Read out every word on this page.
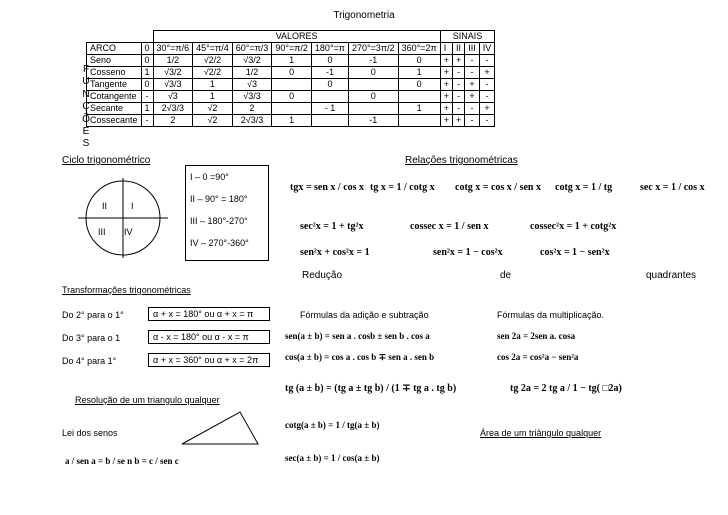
Trigonometria
F
U
N
Ç
Õ
E
S
			VALORES							SINAIS			
	ARCO	0	30°=π/6	45°=π/4	60°=π/3	90°=π/2	180°=π	270°=3π/2	360°=2π	I	II	III	IV
	Seno	0	1/2	√2/2	√3/2	1	0	-1	0	+	+	-	-
	Cosseno	1	√3/2	√2/2	1/2	0	-1	0	1	+	-	-	+
	Tangente	0	√3/3	1	√3		0		0	+	-	+	-
	Cotangente	-	√3	1	√3/3	0		0		+	-	+	-
	Secante	1	2√3/3	√2	2		- 1		1	+	-	-	+
	Cossecante	-	2	√2	2√3/3	1		-1		+	+	-	-
Ciclo trigonométrico
I
II
III IV
I – 0 =90°
II – 90° = 180°
III – 180°-270°
IV – 270°-360°
Relações trigonométricas
tgx = sen x / cos x tg x = 1 / cotg x cotg x = cos x / sen x cotg x = 1 / tg	sec x = 1 / cos x
sec²x = 1 + tg²x	cossec x = 1 / sen x	cossec²x = 1 + cotg²x
sen²x + cos²x = 1	sen²x = 1 − cos²x	cos²x = 1 − sen²x
Redução	de	quadrantes
Transformações trigonométricas
Do 2° para o 1°	α + x = 180° ou α + x = π
Do 3° para o 1	α - x = 180° ou α - x = π
Do 4° para 1°	α + x = 360° ou α + x = 2π
Fórmulas da adição e subtração
sen(a ± b) = sen a . cosb ± sen b . cos a
cos(a ± b) = cos a . cos b ∓ sen a . sen b
tg (a ± b) = (tg a ± tg b) / (1 ∓ tg a . tg b)
cotg(a ± b) = 1 / tg(a ± b)
sec(a ± b) = 1 / cos(a ± b)
Fórmulas da multiplicação.
sen 2a = 2sen a. cosa
cos 2a = cos²a − sen²a
tg 2a = 2 tg a / 1 − tg( □2a)
Resolução de um triangulo qualquer
Lei dos senos
a / sen a = b / se n b = c / sen c
Área de um triângulo qualquer
